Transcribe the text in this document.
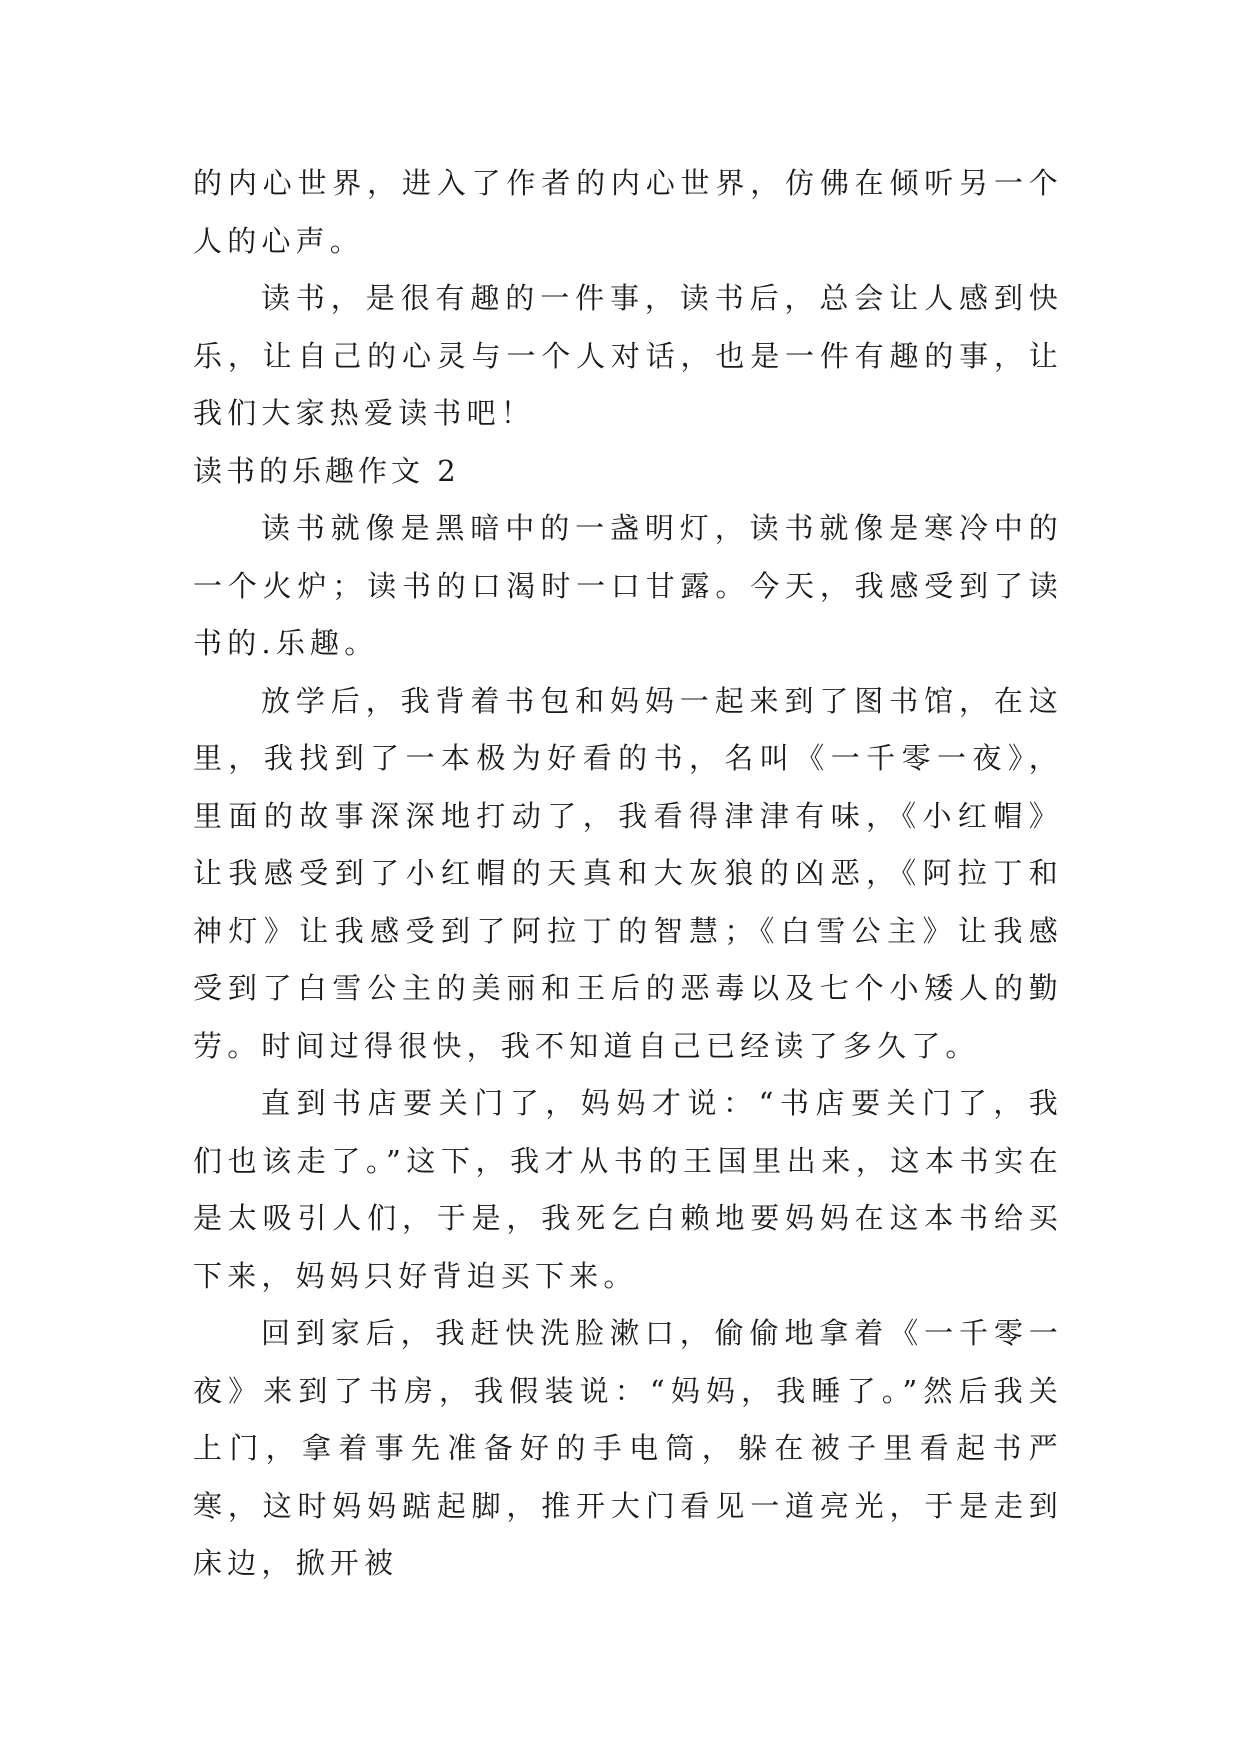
的内心世界，进入了作者的内心世界，仿佛在倾听另一个人的心声。

读书，是很有趣的一件事，读书后，总会让人感到快乐，让自己的心灵与一个人对话，也是一件有趣的事，让我们大家热爱读书吧！

读书的乐趣作文 2

读书就像是黑暗中的一盏明灯，读书就像是寒冷中的一个火炉；读书的口渴时一口甘露。今天，我感受到了读书的.乐趣。

放学后，我背着书包和妈妈一起来到了图书馆，在这里，我找到了一本极为好看的书，名叫《一千零一夜》，里面的故事深深地打动了，我看得津津有味，《小红帽》让我感受到了小红帽的天真和大灰狼的凶恶，《阿拉丁和神灯》让我感受到了阿拉丁的智慧；《白雪公主》让我感受到了白雪公主的美丽和王后的恶毒以及七个小矮人的勤劳。时间过得很快，我不知道自己已经读了多久了。

直到书店要关门了，妈妈才说：“书店要关门了，我们也该走了。”这下，我才从书的王国里出来，这本书实在是太吸引人们，于是，我死乞白赖地要妈妈在这本书给买下来，妈妈只好背迫买下来。

回到家后，我赶快洗脸漱口，偷偷地拿着《一千零一夜》来到了书房，我假装说：“妈妈，我睡了。”然后我关上门，拿着事先准备好的手电筒，躲在被子里看起书严寒，这时妈妈踮起脚，推开大门看见一道亮光，于是走到床边，掀开被
